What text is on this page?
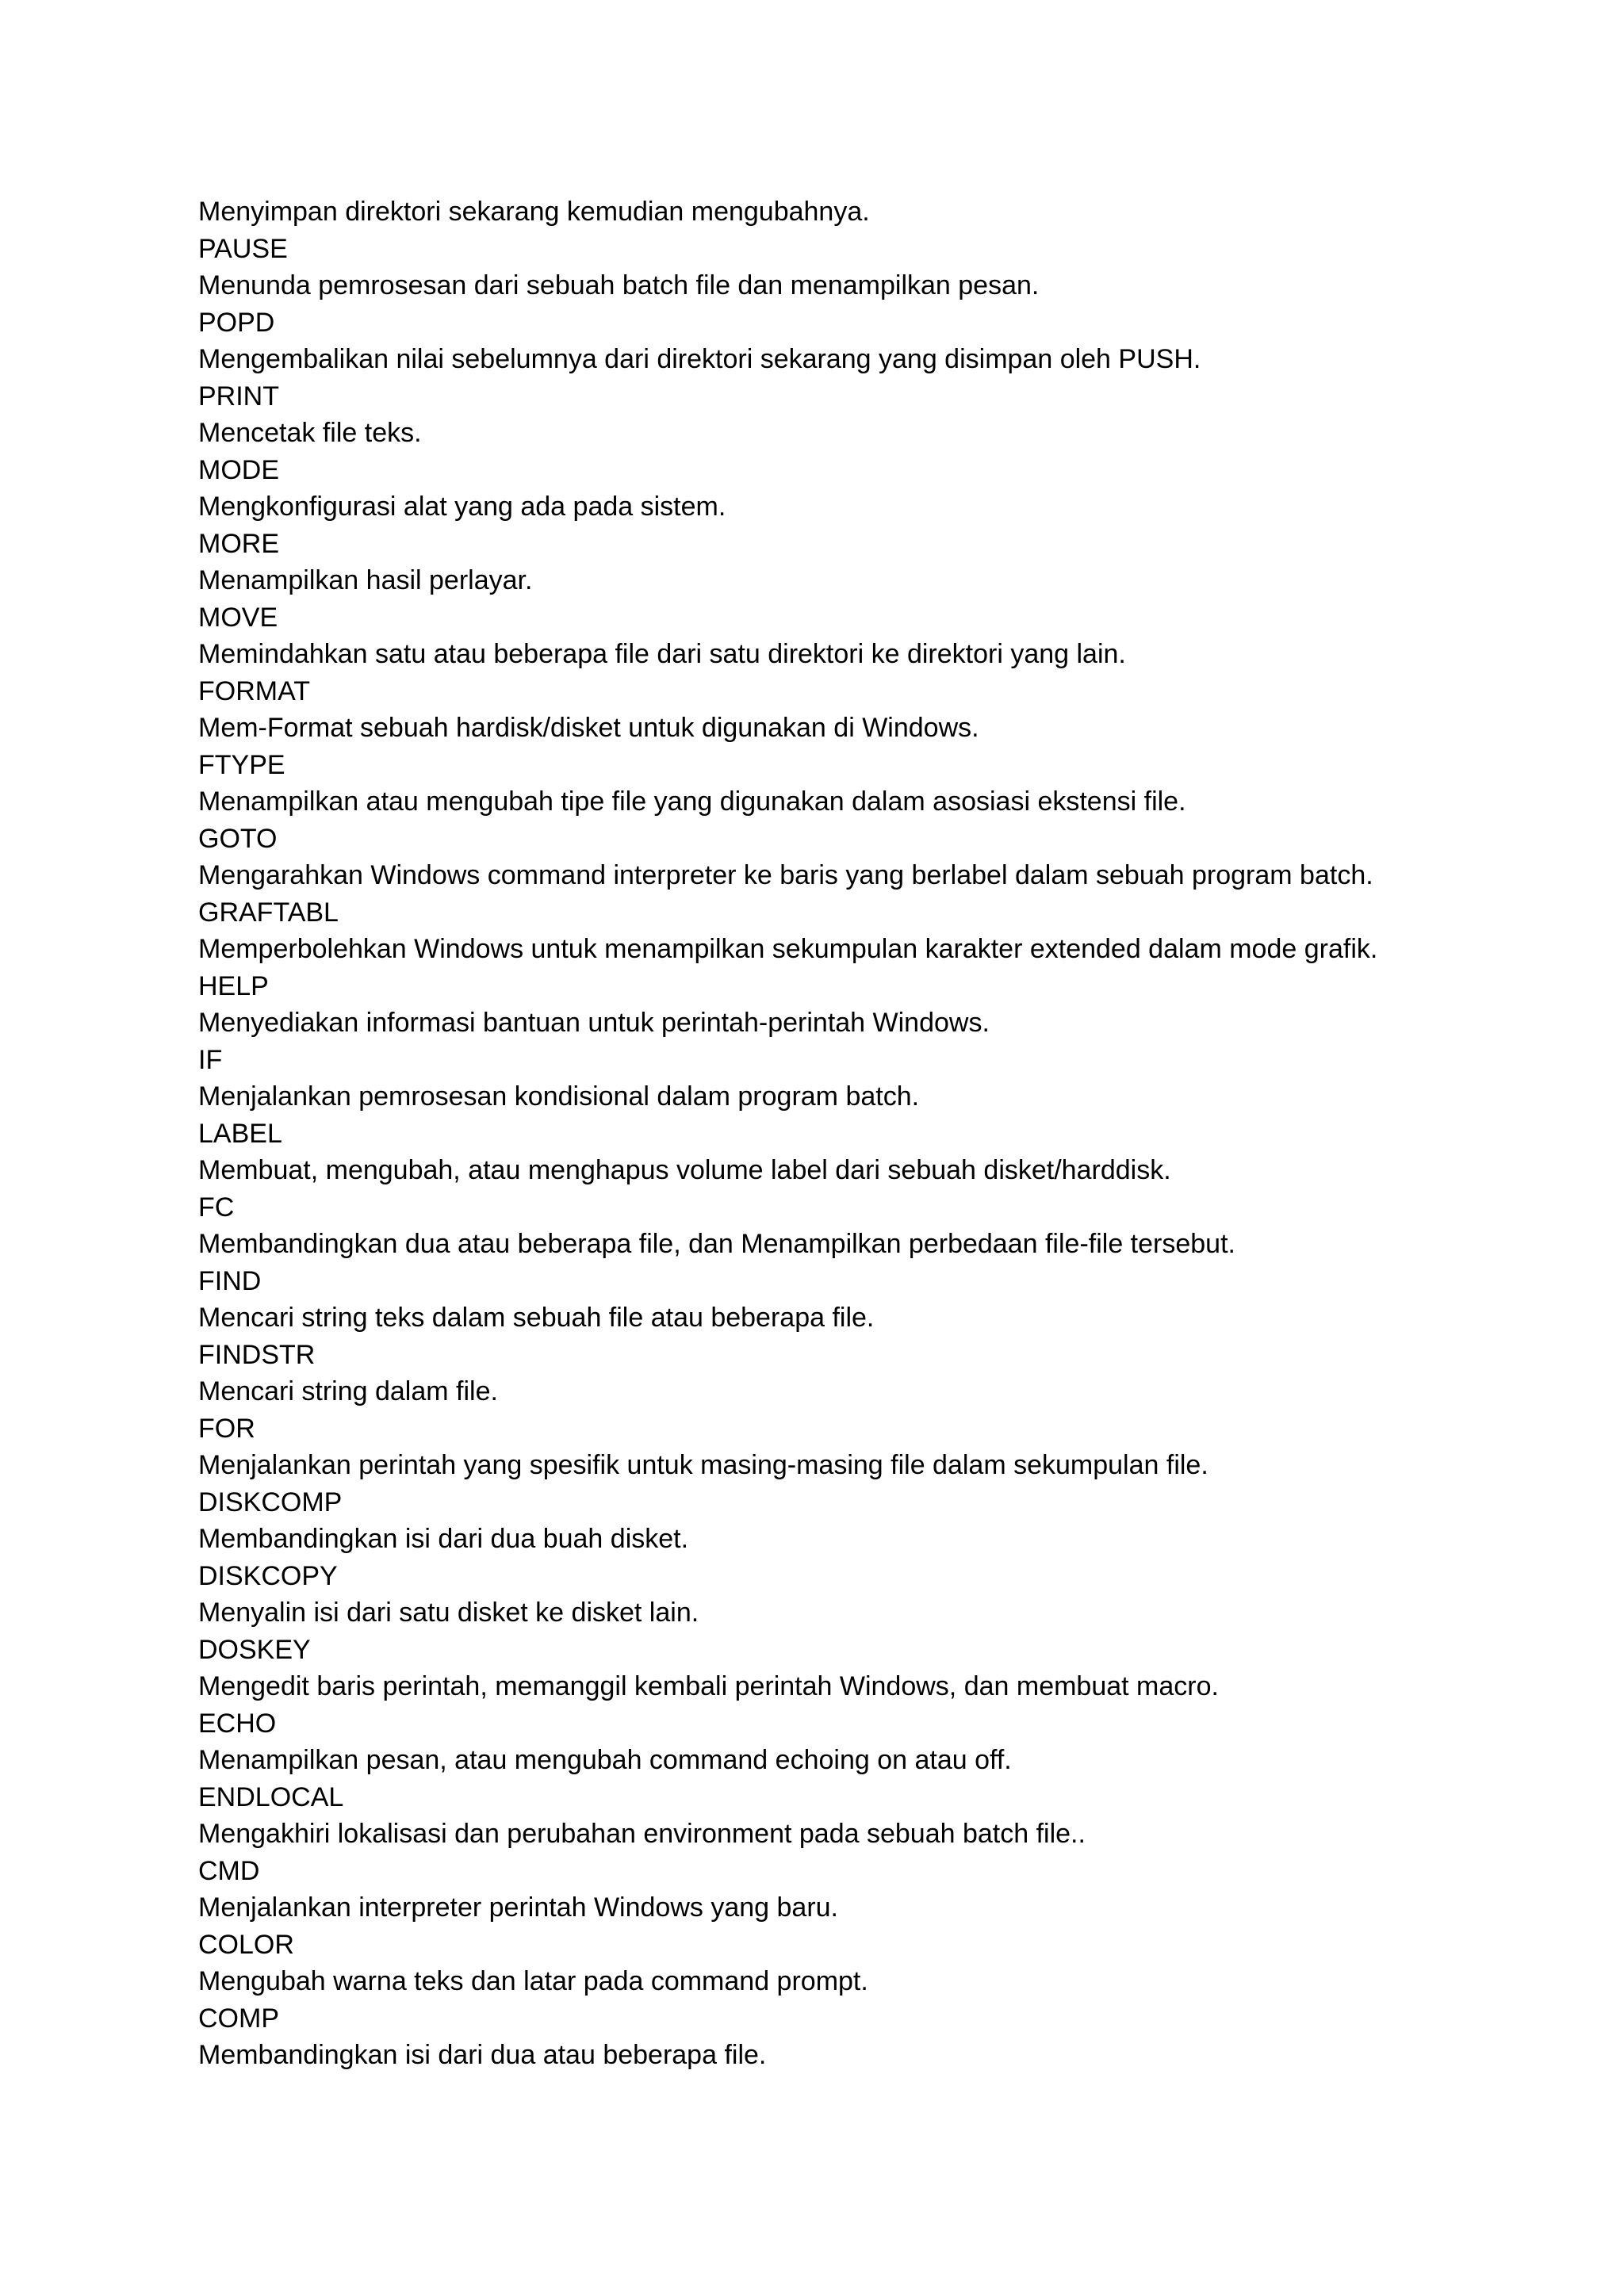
Menyimpan direktori sekarang kemudian mengubahnya.

PAUSE

Menunda pemrosesan dari sebuah batch file dan menampilkan pesan.

POPD

Mengembalikan nilai sebelumnya dari direktori sekarang yang disimpan oleh PUSH.

PRINT

Mencetak file teks.

MODE

Mengkonfigurasi alat yang ada pada sistem.

MORE

Menampilkan hasil perlayar.

MOVE

Memindahkan satu atau beberapa file dari satu direktori ke direktori yang lain.

FORMAT

Mem-Format sebuah hardisk/disket untuk digunakan di Windows.

FTYPE

Menampilkan atau mengubah tipe file yang digunakan dalam asosiasi ekstensi file.

GOTO

Mengarahkan Windows command interpreter ke baris yang berlabel dalam sebuah program batch.

GRAFTABL

Memperbolehkan Windows untuk menampilkan sekumpulan karakter extended dalam mode grafik.

HELP

Menyediakan informasi bantuan untuk perintah-perintah Windows.

IF

Menjalankan pemrosesan kondisional dalam program batch.

LABEL

Membuat, mengubah, atau menghapus volume label dari sebuah disket/harddisk.

FC

Membandingkan dua atau beberapa file, dan Menampilkan perbedaan file-file tersebut.

FIND

Mencari string teks dalam sebuah file atau beberapa file.

FINDSTR

Mencari string dalam file.

FOR

Menjalankan perintah yang spesifik untuk masing-masing file dalam sekumpulan file.

DISKCOMP

Membandingkan isi dari dua buah disket.

DISKCOPY

Menyalin isi dari satu disket ke disket lain.

DOSKEY

Mengedit baris perintah, memanggil kembali perintah Windows, dan membuat macro.

ECHO

Menampilkan pesan, atau mengubah command echoing on atau off.

ENDLOCAL

Mengakhiri lokalisasi dan perubahan environment pada sebuah batch file..

CMD

Menjalankan interpreter perintah Windows yang baru.

COLOR

Mengubah warna teks dan latar pada command prompt.

COMP

Membandingkan isi dari dua atau beberapa file.
